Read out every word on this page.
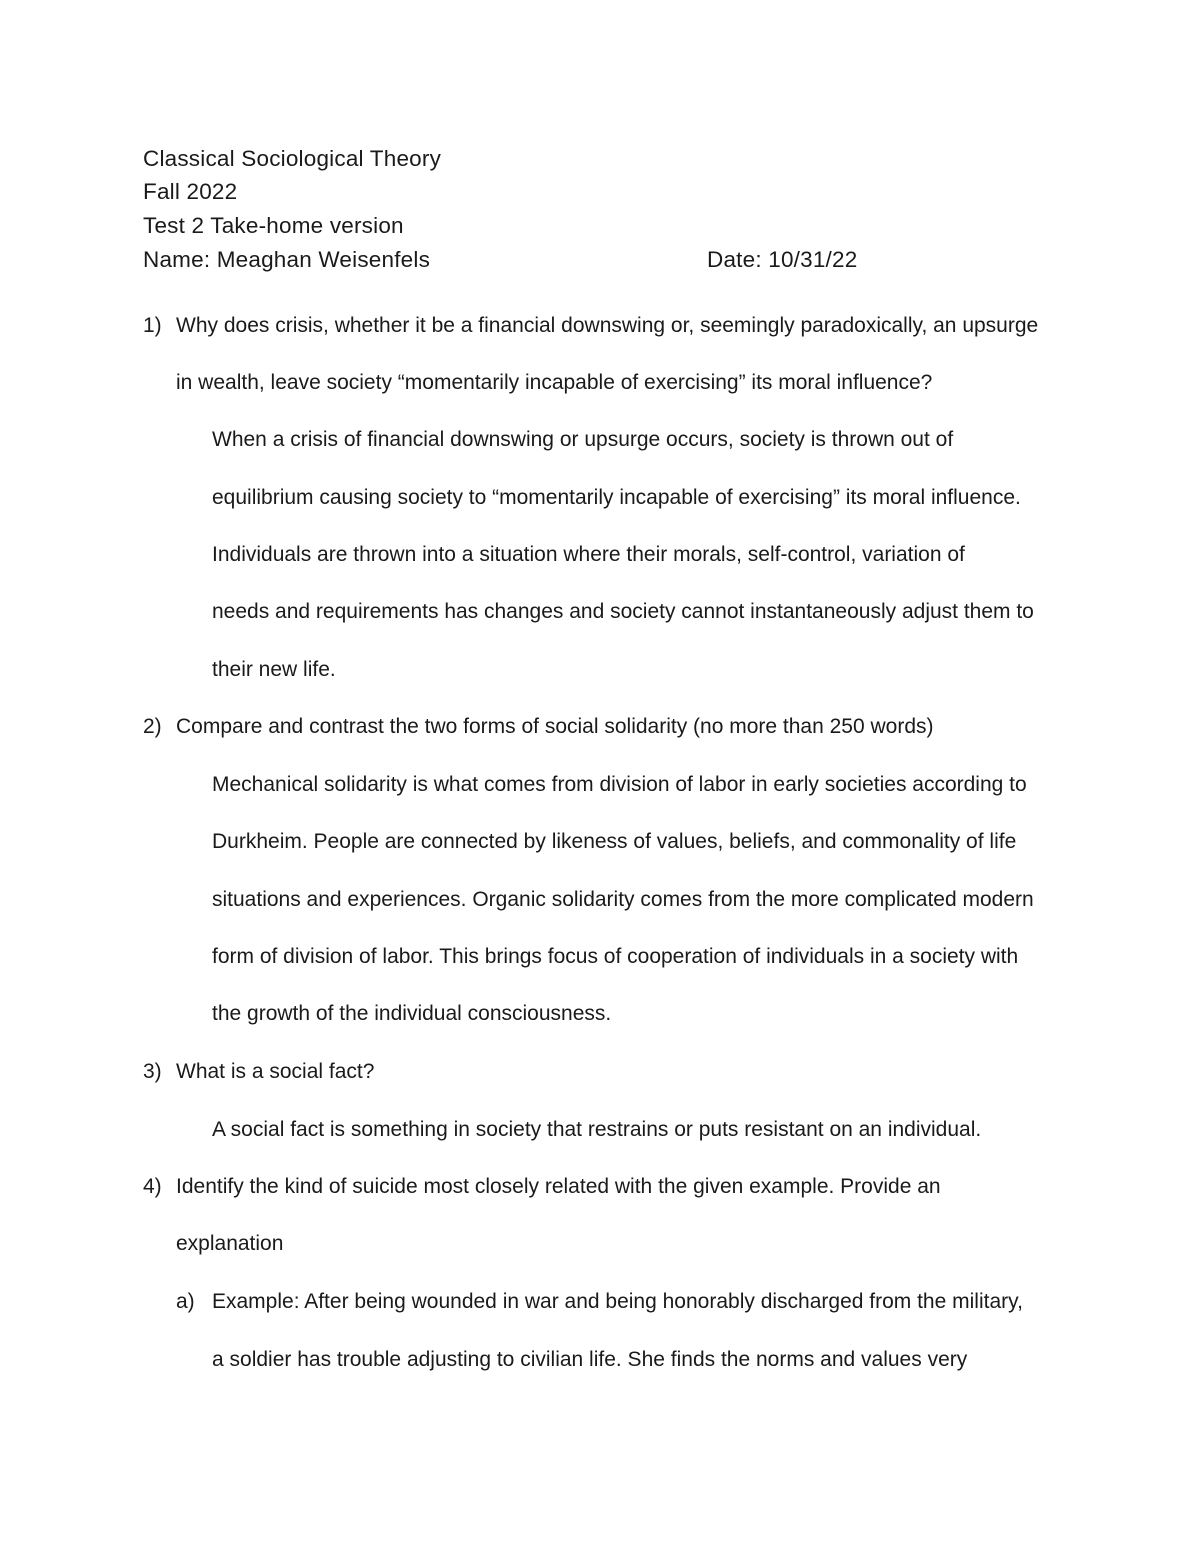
Classical Sociological Theory
Fall 2022
Test 2 Take-home version
Name: Meaghan Weisenfels	Date: 10/31/22
1) Why does crisis, whether it be a financial downswing or, seemingly paradoxically, an upsurge
in wealth, leave society “momentarily incapable of exercising” its moral influence?
When a crisis of financial downswing or upsurge occurs, society is thrown out of
equilibrium causing society to “momentarily incapable of exercising” its moral influence.
Individuals are thrown into a situation where their morals, self-control, variation of
needs and requirements has changes and society cannot instantaneously adjust them to
their new life.
2) Compare and contrast the two forms of social solidarity (no more than 250 words)
Mechanical solidarity is what comes from division of labor in early societies according to
Durkheim. People are connected by likeness of values, beliefs, and commonality of life
situations and experiences. Organic solidarity comes from the more complicated modern
form of division of labor. This brings focus of cooperation of individuals in a society with
the growth of the individual consciousness.
3) What is a social fact?
A social fact is something in society that restrains or puts resistant on an individual.
4) Identify the kind of suicide most closely related with the given example. Provide an
explanation
a) Example: After being wounded in war and being honorably discharged from the military,
a soldier has trouble adjusting to civilian life. She finds the norms and values very
